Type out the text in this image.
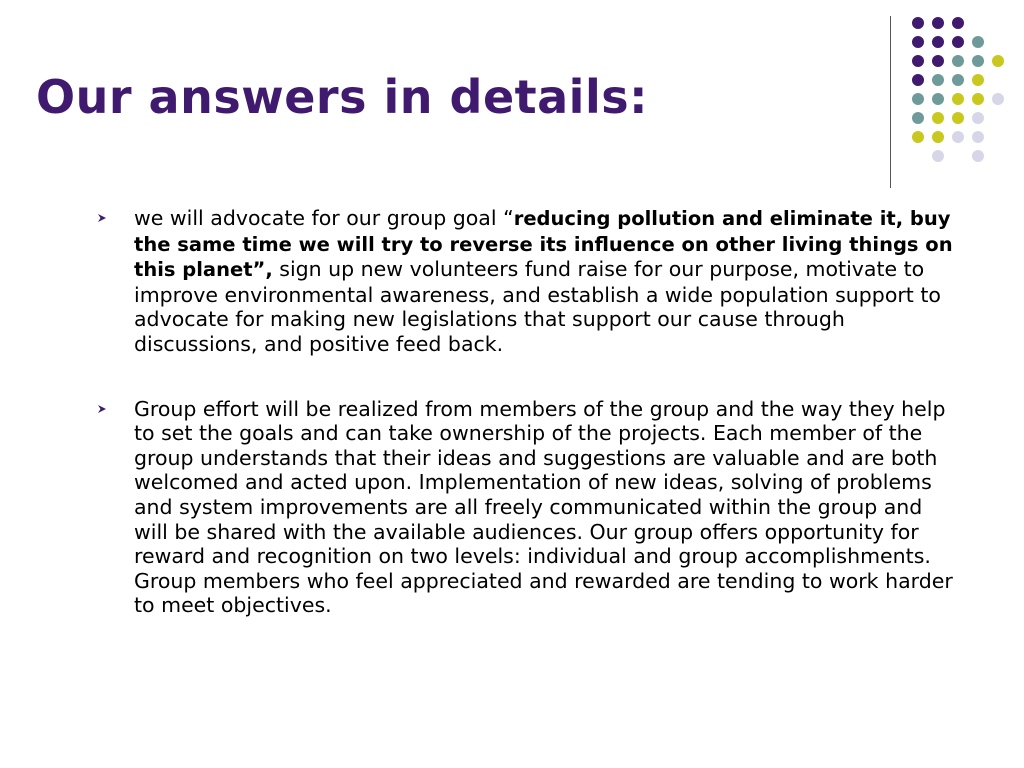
Our answers in details:
we will advocate for our group goal “reducing pollution and eliminate it, buy the same time we will try to reverse its influence on other living things on this planet”, sign up new volunteers fund raise for our purpose, motivate to improve environmental awareness, and establish a wide population support to advocate for making new legislations that support our cause through discussions, and positive feed back.
Group effort will be realized from members of the group and the way they help to set the goals and can take ownership of the projects. Each member of the group understands that their ideas and suggestions are valuable and are both welcomed and acted upon. Implementation of new ideas, solving of problems and system improvements are all freely communicated within the group and will be shared with the available audiences. Our group offers opportunity for reward and recognition on two levels: individual and group accomplishments. Group members who feel appreciated and rewarded are tending to work harder to meet objectives.
